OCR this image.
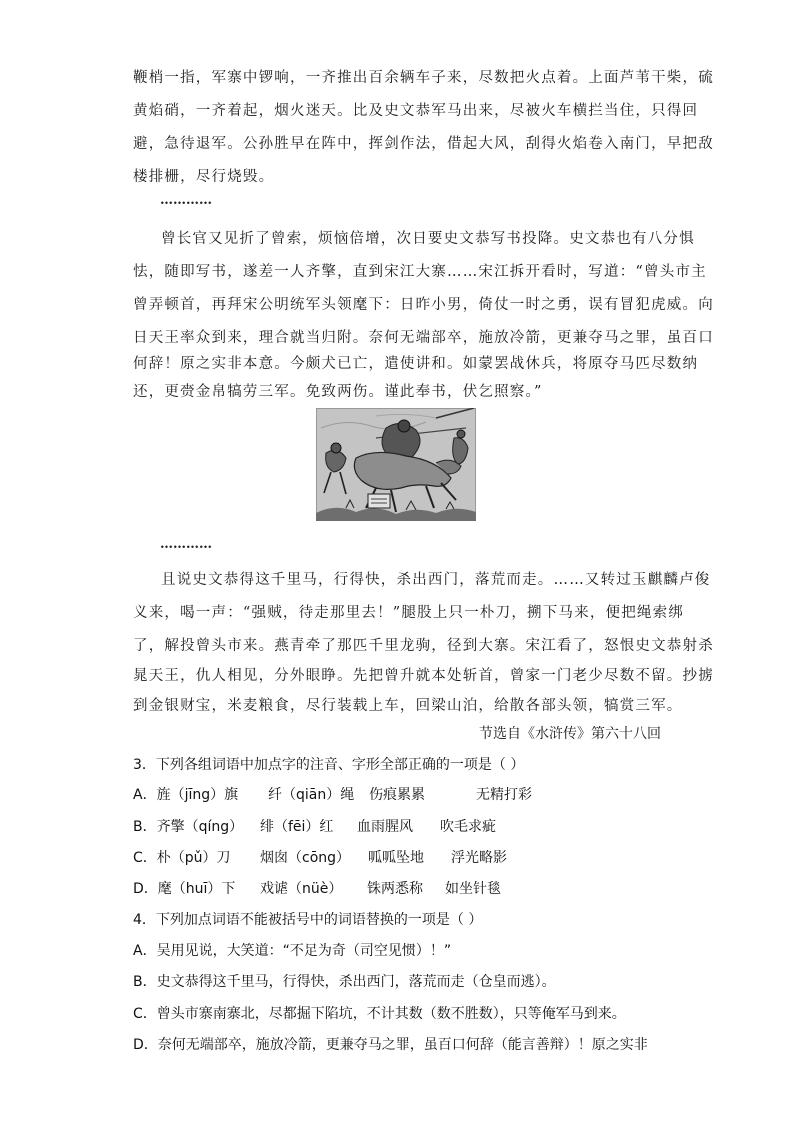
鞭梢一指，军寨中锣响，一齐推出百余辆车子来，尽数把火点着。上面芦苇干柴，硫
黄焰硝，一齐着起，烟火迷天。比及史文恭军马出来，尽被火车横拦当住，只得回
避，急待退军。公孙胜早在阵中，挥剑作法，借起大风，刮得火焰卷入南门，早把敌
楼排栅，尽行烧毁。
…………
曾长官又见折了曾索，烦恼倍增，次日要史文恭写书投降。史文恭也有八分惧
怯，随即写书，遂差一人齐擎，直到宋江大寨……宋江拆开看时，写道：“曾头市主
曾弄顿首，再拜宋公明统军头领麾下：日昨小男，倚仗一时之勇，误有冒犯虎威。向
日天王率众到来，理合就当归附。奈何无端部卒，施放冷箭，更兼夺马之罪，虽百口
何辞！原之实非本意。今颇犬已亡，遣使讲和。如蒙罢战休兵，将原夺马匹尽数纳
还，更赍金帛犒劳三军。免致两伤。谨此奉书，伏乞照察。”
…………
且说史文恭得这千里马，行得快，杀出西门，落荒而走。……又转过玉麒麟卢俊
义来，喝一声：“强贼，待走那里去！”腿股上只一朴刀，搠下马来，便把绳索绑
了，解投曾头市来。燕青牵了那匹千里龙驹，径到大寨。宋江看了，怒恨史文恭射杀
晁天王，仇人相见，分外眼睁。先把曾升就本处斩首，曾家一门老少尽数不留。抄掳
到金银财宝，米麦粮食，尽行装载上车，回梁山泊，给散各部头领，犒赏三军。
节选自《水浒传》第六十八回
3．下列各组词语中加点字的注音、字形全部正确的一项是（ ）
A．旌（jīng）旗	纤（qiān）绳	伤痕累累	无精打彩
B．齐擎（qíng）	绯（fēi）红	血雨腥风	吹毛求疵
C．朴（pǔ）刀	烟囱（cōng）	呱呱坠地	浮光略影
D．麾（huī）下	戏谑（nüè）	铢两悉称	如坐针毯
4．下列加点词语不能被括号中的词语替换的一项是（ ）
A．吴用见说，大笑道：“不足为奇（司空见惯）！”
B．史文恭得这千里马，行得快，杀出西门，落荒而走（仓皇而逃）。
C．曾头市寨南寨北，尽都掘下陷坑，不计其数（数不胜数），只等俺军马到来。
D．奈何无端部卒，施放冷箭，更兼夺马之罪，虽百口何辞（能言善辩）！原之实非
